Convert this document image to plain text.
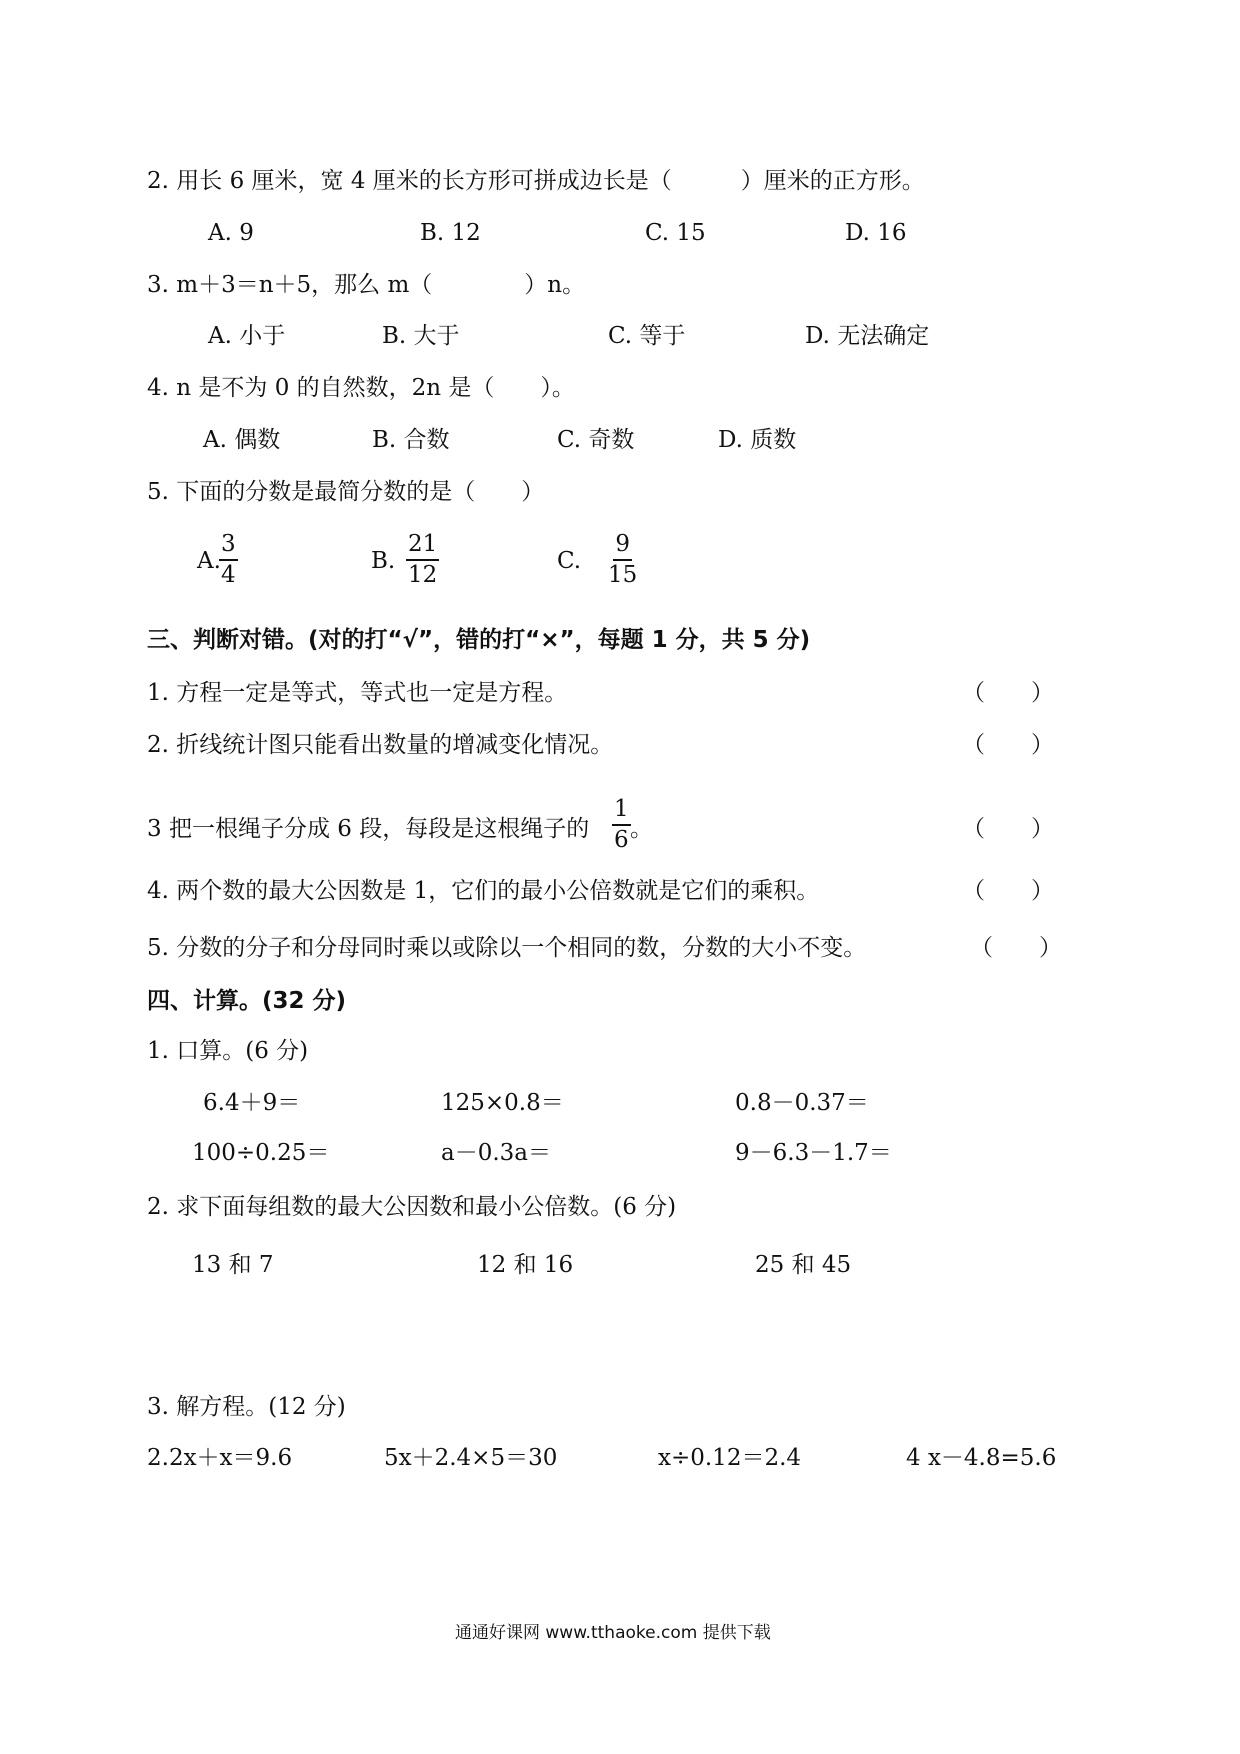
2. 用长 6 厘米，宽 4 厘米的长方形可拼成边长是（　　　）厘米的正方形。
A. 9	B. 12	C. 15	D. 16
3. m＋3＝n＋5，那么 m（　　　　）n。
A. 小于	B. 大于	C. 等于	D. 无法确定
4. n 是不为 0 的自然数，2n 是（　　）。
A. 偶数	B. 合数	C. 奇数	D. 质数
5. 下面的分数是最简分数的是（　　）
A.
$\frac{3}{4}$	B. $\frac{21}{12}$	C. $\frac{9}{15}$
三、判断对错。(对的打“√”，错的打“×”，每题 1 分，共 5 分)
1. 方程一定是等式，等式也一定是方程。	（　　）
2. 折线统计图只能看出数量的增减变化情况。	（　　）
3 把一根绳子分成 6 段，每段是这根绳子的 $\frac{1}{6}$ 。	（　　）
4. 两个数的最大公因数是 1，它们的最小公倍数就是它们的乘积。	（　　）
5. 分数的分子和分母同时乘以或除以一个相同的数，分数的大小不变。	（　　）
四、计算。(32 分)
1. 口算。(6 分)
6.4＋9＝	125×0.8＝	0.8－0.37＝
100÷0.25＝	a－0.3a＝	9－6.3－1.7＝
2. 求下面每组数的最大公因数和最小公倍数。(6 分)
13 和 7	12 和 16	25 和 45
3. 解方程。(12 分)
2.2x＋x＝9.6	5x＋2.4×5＝30	x÷0.12＝2.4	4 x－4.8=5.6
通通好课网 www.tthaoke.com 提供下载
